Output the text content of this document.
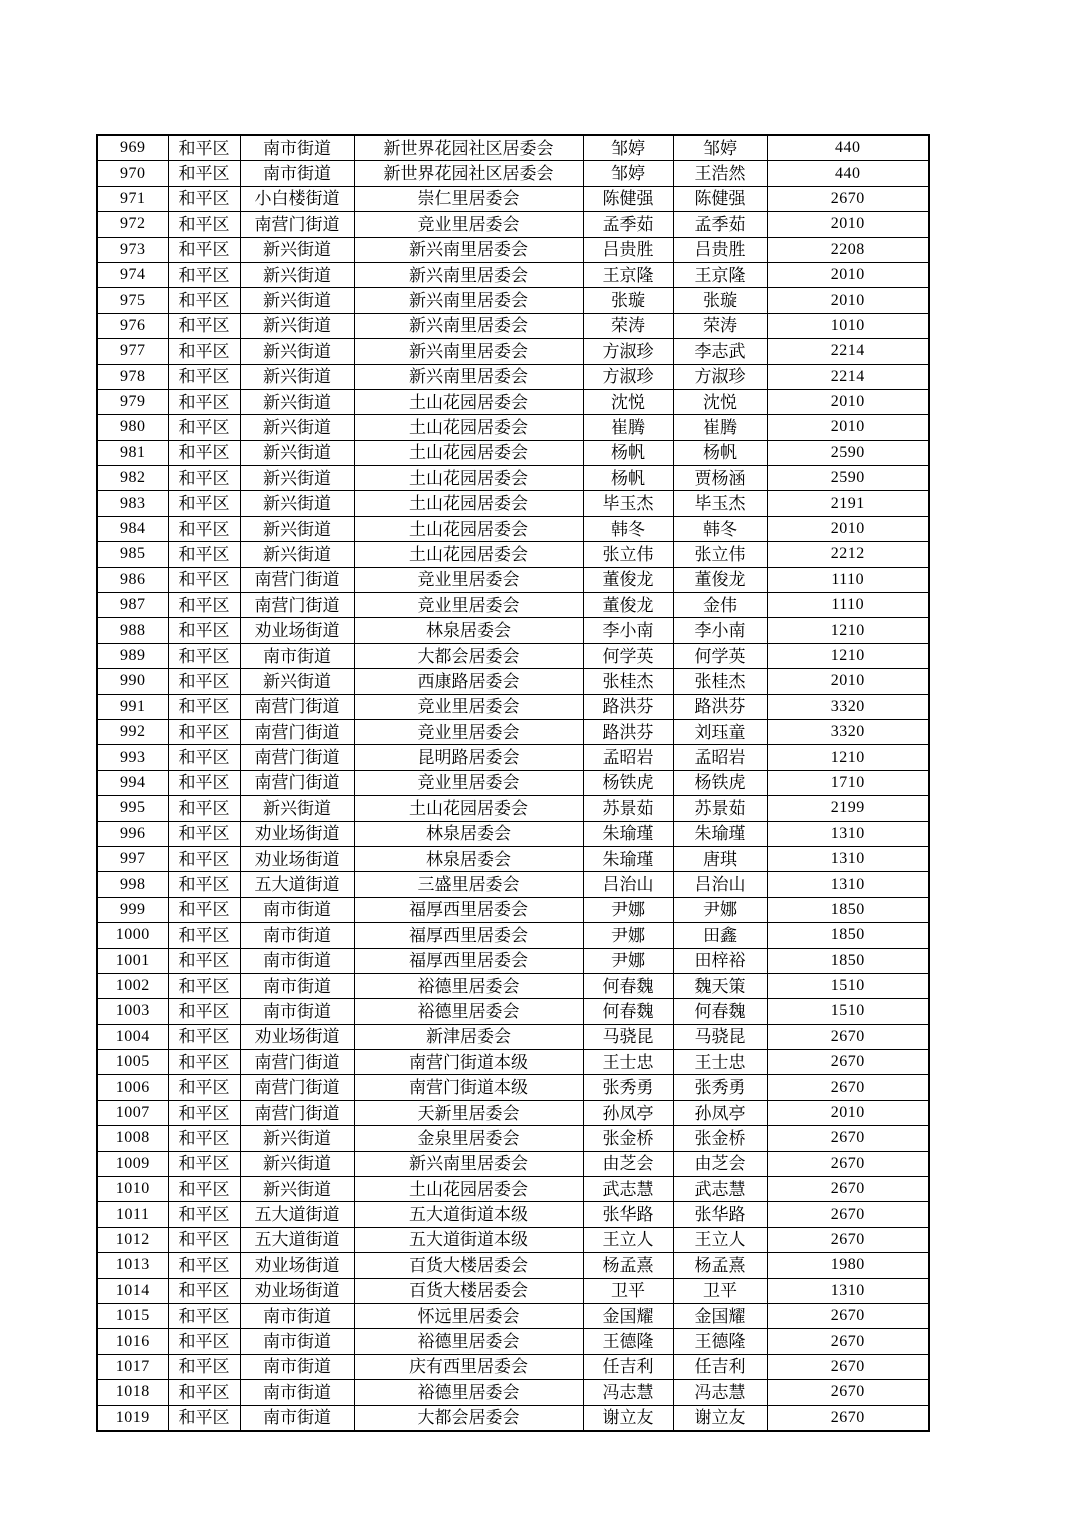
969	和平区	南市街道	新世界花园社区居委会	邹婷	邹婷	440
970	和平区	南市街道	新世界花园社区居委会	邹婷	王浩然	440
971	和平区	小白楼街道	崇仁里居委会	陈健强	陈健强	2670
972	和平区	南营门街道	竞业里居委会	孟季茹	孟季茹	2010
973	和平区	新兴街道	新兴南里居委会	吕贵胜	吕贵胜	2208
974	和平区	新兴街道	新兴南里居委会	王京隆	王京隆	2010
975	和平区	新兴街道	新兴南里居委会	张璇	张璇	2010
976	和平区	新兴街道	新兴南里居委会	荣涛	荣涛	1010
977	和平区	新兴街道	新兴南里居委会	方淑珍	李志武	2214
978	和平区	新兴街道	新兴南里居委会	方淑珍	方淑珍	2214
979	和平区	新兴街道	土山花园居委会	沈悦	沈悦	2010
980	和平区	新兴街道	土山花园居委会	崔腾	崔腾	2010
981	和平区	新兴街道	土山花园居委会	杨帆	杨帆	2590
982	和平区	新兴街道	土山花园居委会	杨帆	贾杨涵	2590
983	和平区	新兴街道	土山花园居委会	毕玉杰	毕玉杰	2191
984	和平区	新兴街道	土山花园居委会	韩冬	韩冬	2010
985	和平区	新兴街道	土山花园居委会	张立伟	张立伟	2212
986	和平区	南营门街道	竞业里居委会	董俊龙	董俊龙	1110
987	和平区	南营门街道	竞业里居委会	董俊龙	金伟	1110
988	和平区	劝业场街道	林泉居委会	李小南	李小南	1210
989	和平区	南市街道	大都会居委会	何学英	何学英	1210
990	和平区	新兴街道	西康路居委会	张桂杰	张桂杰	2010
991	和平区	南营门街道	竞业里居委会	路洪芬	路洪芬	3320
992	和平区	南营门街道	竞业里居委会	路洪芬	刘珏童	3320
993	和平区	南营门街道	昆明路居委会	孟昭岩	孟昭岩	1210
994	和平区	南营门街道	竞业里居委会	杨铁虎	杨铁虎	1710
995	和平区	新兴街道	土山花园居委会	苏景茹	苏景茹	2199
996	和平区	劝业场街道	林泉居委会	朱瑜瑾	朱瑜瑾	1310
997	和平区	劝业场街道	林泉居委会	朱瑜瑾	唐琪	1310
998	和平区	五大道街道	三盛里居委会	吕治山	吕治山	1310
999	和平区	南市街道	福厚西里居委会	尹娜	尹娜	1850
1000	和平区	南市街道	福厚西里居委会	尹娜	田鑫	1850
1001	和平区	南市街道	福厚西里居委会	尹娜	田梓裕	1850
1002	和平区	南市街道	裕德里居委会	何春魏	魏天策	1510
1003	和平区	南市街道	裕德里居委会	何春魏	何春魏	1510
1004	和平区	劝业场街道	新津居委会	马骁昆	马骁昆	2670
1005	和平区	南营门街道	南营门街道本级	王士忠	王士忠	2670
1006	和平区	南营门街道	南营门街道本级	张秀勇	张秀勇	2670
1007	和平区	南营门街道	天新里居委会	孙凤亭	孙凤亭	2010
1008	和平区	新兴街道	金泉里居委会	张金桥	张金桥	2670
1009	和平区	新兴街道	新兴南里居委会	由芝会	由芝会	2670
1010	和平区	新兴街道	土山花园居委会	武志慧	武志慧	2670
1011	和平区	五大道街道	五大道街道本级	张华路	张华路	2670
1012	和平区	五大道街道	五大道街道本级	王立人	王立人	2670
1013	和平区	劝业场街道	百货大楼居委会	杨孟熹	杨孟熹	1980
1014	和平区	劝业场街道	百货大楼居委会	卫平	卫平	1310
1015	和平区	南市街道	怀远里居委会	金国耀	金国耀	2670
1016	和平区	南市街道	裕德里居委会	王德隆	王德隆	2670
1017	和平区	南市街道	庆有西里居委会	任吉利	任吉利	2670
1018	和平区	南市街道	裕德里居委会	冯志慧	冯志慧	2670
1019	和平区	南市街道	大都会居委会	谢立友	谢立友	2670
